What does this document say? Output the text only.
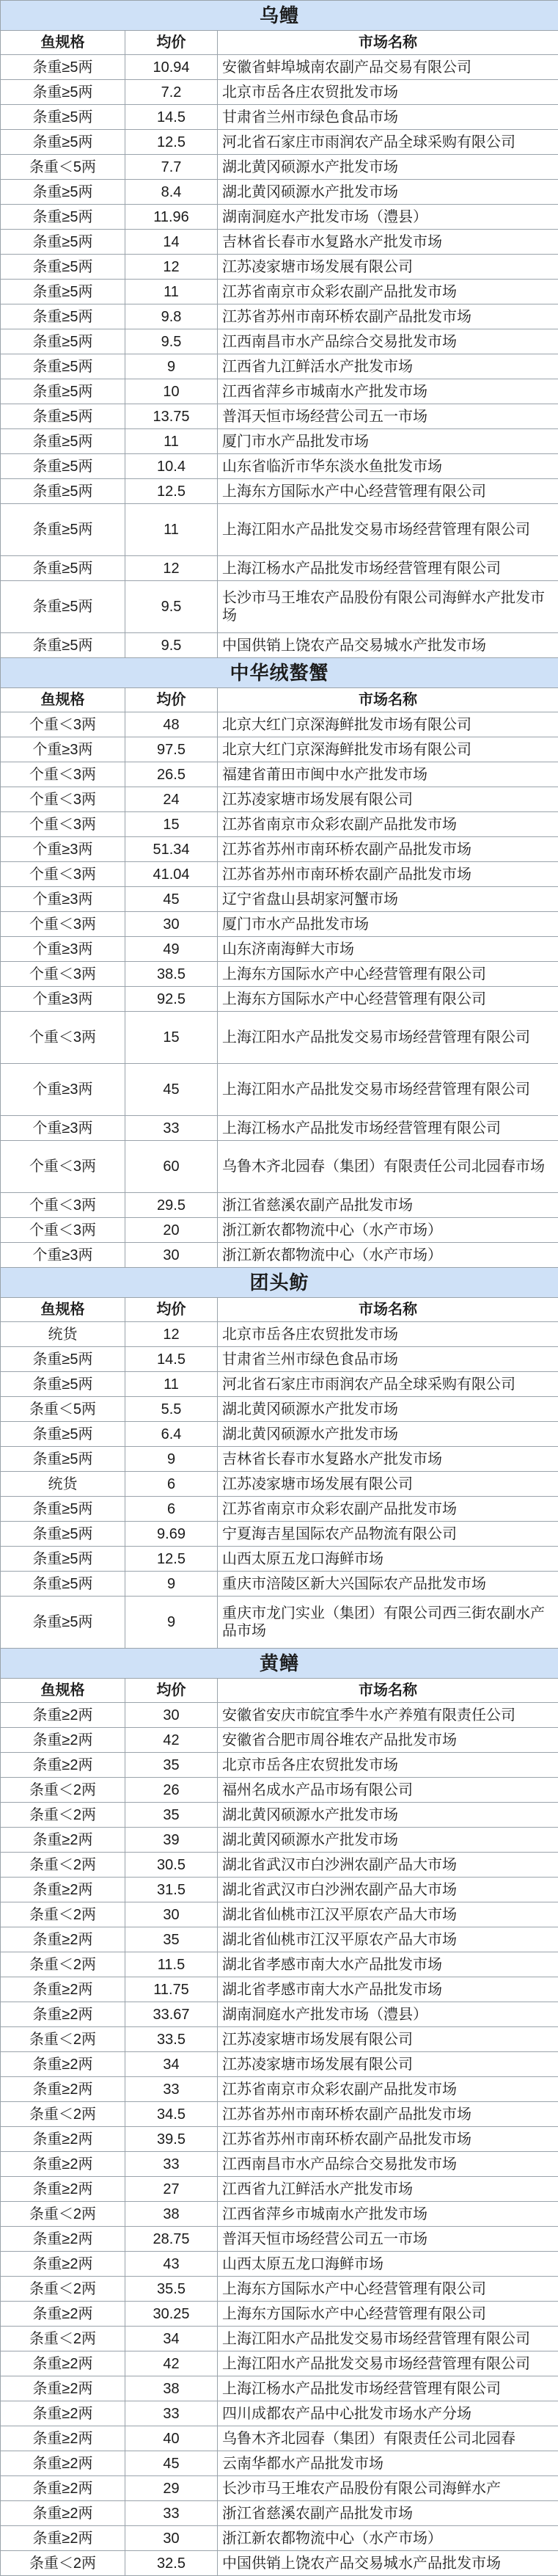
乌鳢		
鱼规格	均价	市场名称
条重≥5两	10.94	安徽省蚌埠城南农副产品交易有限公司
条重≥5两	7.2	北京市岳各庄农贸批发市场
条重≥5两	14.5	甘肃省兰州市绿色食品市场
条重≥5两	12.5	河北省石家庄市雨润农产品全球采购有限公司
条重＜5两	7.7	湖北黄冈硕源水产批发市场
条重≥5两	8.4	湖北黄冈硕源水产批发市场
条重≥5两	11.96	湖南洞庭水产批发市场（澧县）
条重≥5两	14	吉林省长春市水复路水产批发市场
条重≥5两	12	江苏凌家塘市场发展有限公司
条重≥5两	11	江苏省南京市众彩农副产品批发市场
条重≥5两	9.8	江苏省苏州市南环桥农副产品批发市场
条重≥5两	9.5	江西南昌市水产品综合交易批发市场
条重≥5两	9	江西省九江鲜活水产批发市场
条重≥5两	10	江西省萍乡市城南水产批发市场
条重≥5两	13.75	普洱天恒市场经营公司五一市场
条重≥5两	11	厦门市水产品批发市场
条重≥5两	10.4	山东省临沂市华东淡水鱼批发市场
条重≥5两	12.5	上海东方国际水产中心经营管理有限公司
条重≥5两	11	上海江阳水产品批发交易市场经营管理有限公司
条重≥5两	12	上海江杨水产品批发市场经营管理有限公司
条重≥5两	9.5	长沙市马王堆农产品股份有限公司海鲜水产批发市场
条重≥5两	9.5	中国供销上饶农产品交易城水产批发市场
中华绒螯蟹		
鱼规格	均价	市场名称
个重＜3两	48	北京大红门京深海鲜批发市场有限公司
个重≥3两	97.5	北京大红门京深海鲜批发市场有限公司
个重＜3两	26.5	福建省莆田市闽中水产批发市场
个重＜3两	24	江苏凌家塘市场发展有限公司
个重＜3两	15	江苏省南京市众彩农副产品批发市场
个重≥3两	51.34	江苏省苏州市南环桥农副产品批发市场
个重＜3两	41.04	江苏省苏州市南环桥农副产品批发市场
个重≥3两	45	辽宁省盘山县胡家河蟹市场
个重＜3两	30	厦门市水产品批发市场
个重≥3两	49	山东济南海鲜大市场
个重＜3两	38.5	上海东方国际水产中心经营管理有限公司
个重≥3两	92.5	上海东方国际水产中心经营管理有限公司
个重＜3两	15	上海江阳水产品批发交易市场经营管理有限公司
个重≥3两	45	上海江阳水产品批发交易市场经营管理有限公司
个重≥3两	33	上海江杨水产品批发市场经营管理有限公司
个重＜3两	60	乌鲁木齐北园春（集团）有限责任公司北园春市场
个重＜3两	29.5	浙江省慈溪农副产品批发市场
个重＜3两	20	浙江新农都物流中心（水产市场）
个重≥3两	30	浙江新农都物流中心（水产市场）
团头鲂		
鱼规格	均价	市场名称
统货	12	北京市岳各庄农贸批发市场
条重≥5两	14.5	甘肃省兰州市绿色食品市场
条重≥5两	11	河北省石家庄市雨润农产品全球采购有限公司
条重＜5两	5.5	湖北黄冈硕源水产批发市场
条重≥5两	6.4	湖北黄冈硕源水产批发市场
条重≥5两	9	吉林省长春市水复路水产批发市场
统货	6	江苏凌家塘市场发展有限公司
条重≥5两	6	江苏省南京市众彩农副产品批发市场
条重≥5两	9.69	宁夏海吉星国际农产品物流有限公司
条重≥5两	12.5	山西太原五龙口海鲜市场
条重≥5两	9	重庆市涪陵区新大兴国际农产品批发市场
条重≥5两	9	重庆市龙门实业（集团）有限公司西三街农副水产品市场
黄鳝		
鱼规格	均价	市场名称
条重≥2两	30	安徽省安庆市皖宜季牛水产养殖有限责任公司
条重≥2两	42	安徽省合肥市周谷堆农产品批发市场
条重≥2两	35	北京市岳各庄农贸批发市场
条重＜2两	26	福州名成水产品市场有限公司
条重＜2两	35	湖北黄冈硕源水产批发市场
条重≥2两	39	湖北黄冈硕源水产批发市场
条重＜2两	30.5	湖北省武汉市白沙洲农副产品大市场
条重≥2两	31.5	湖北省武汉市白沙洲农副产品大市场
条重＜2两	30	湖北省仙桃市江汉平原农产品大市场
条重≥2两	35	湖北省仙桃市江汉平原农产品大市场
条重＜2两	11.5	湖北省孝感市南大水产品批发市场
条重≥2两	11.75	湖北省孝感市南大水产品批发市场
条重≥2两	33.67	湖南洞庭水产批发市场（澧县）
条重＜2两	33.5	江苏凌家塘市场发展有限公司
条重≥2两	34	江苏凌家塘市场发展有限公司
条重≥2两	33	江苏省南京市众彩农副产品批发市场
条重＜2两	34.5	江苏省苏州市南环桥农副产品批发市场
条重≥2两	39.5	江苏省苏州市南环桥农副产品批发市场
条重≥2两	33	江西南昌市水产品综合交易批发市场
条重≥2两	27	江西省九江鲜活水产批发市场
条重＜2两	38	江西省萍乡市城南水产批发市场
条重≥2两	28.75	普洱天恒市场经营公司五一市场
条重≥2两	43	山西太原五龙口海鲜市场
条重＜2两	35.5	上海东方国际水产中心经营管理有限公司
条重≥2两	30.25	上海东方国际水产中心经营管理有限公司
条重＜2两	34	上海江阳水产品批发交易市场经营管理有限公司
条重≥2两	42	上海江阳水产品批发交易市场经营管理有限公司
条重≥2两	38	上海江杨水产品批发市场经营管理有限公司
条重≥2两	33	四川成都农产品中心批发市场水产分场
条重≥2两	40	乌鲁木齐北园春（集团）有限责任公司北园春
条重≥2两	45	云南华都水产品批发市场
条重≥2两	29	长沙市马王堆农产品股份有限公司海鲜水产
条重≥2两	33	浙江省慈溪农副产品批发市场
条重≥2两	30	浙江新农都物流中心（水产市场）
条重＜2两	32.5	中国供销上饶农产品交易城水产品批发市场
